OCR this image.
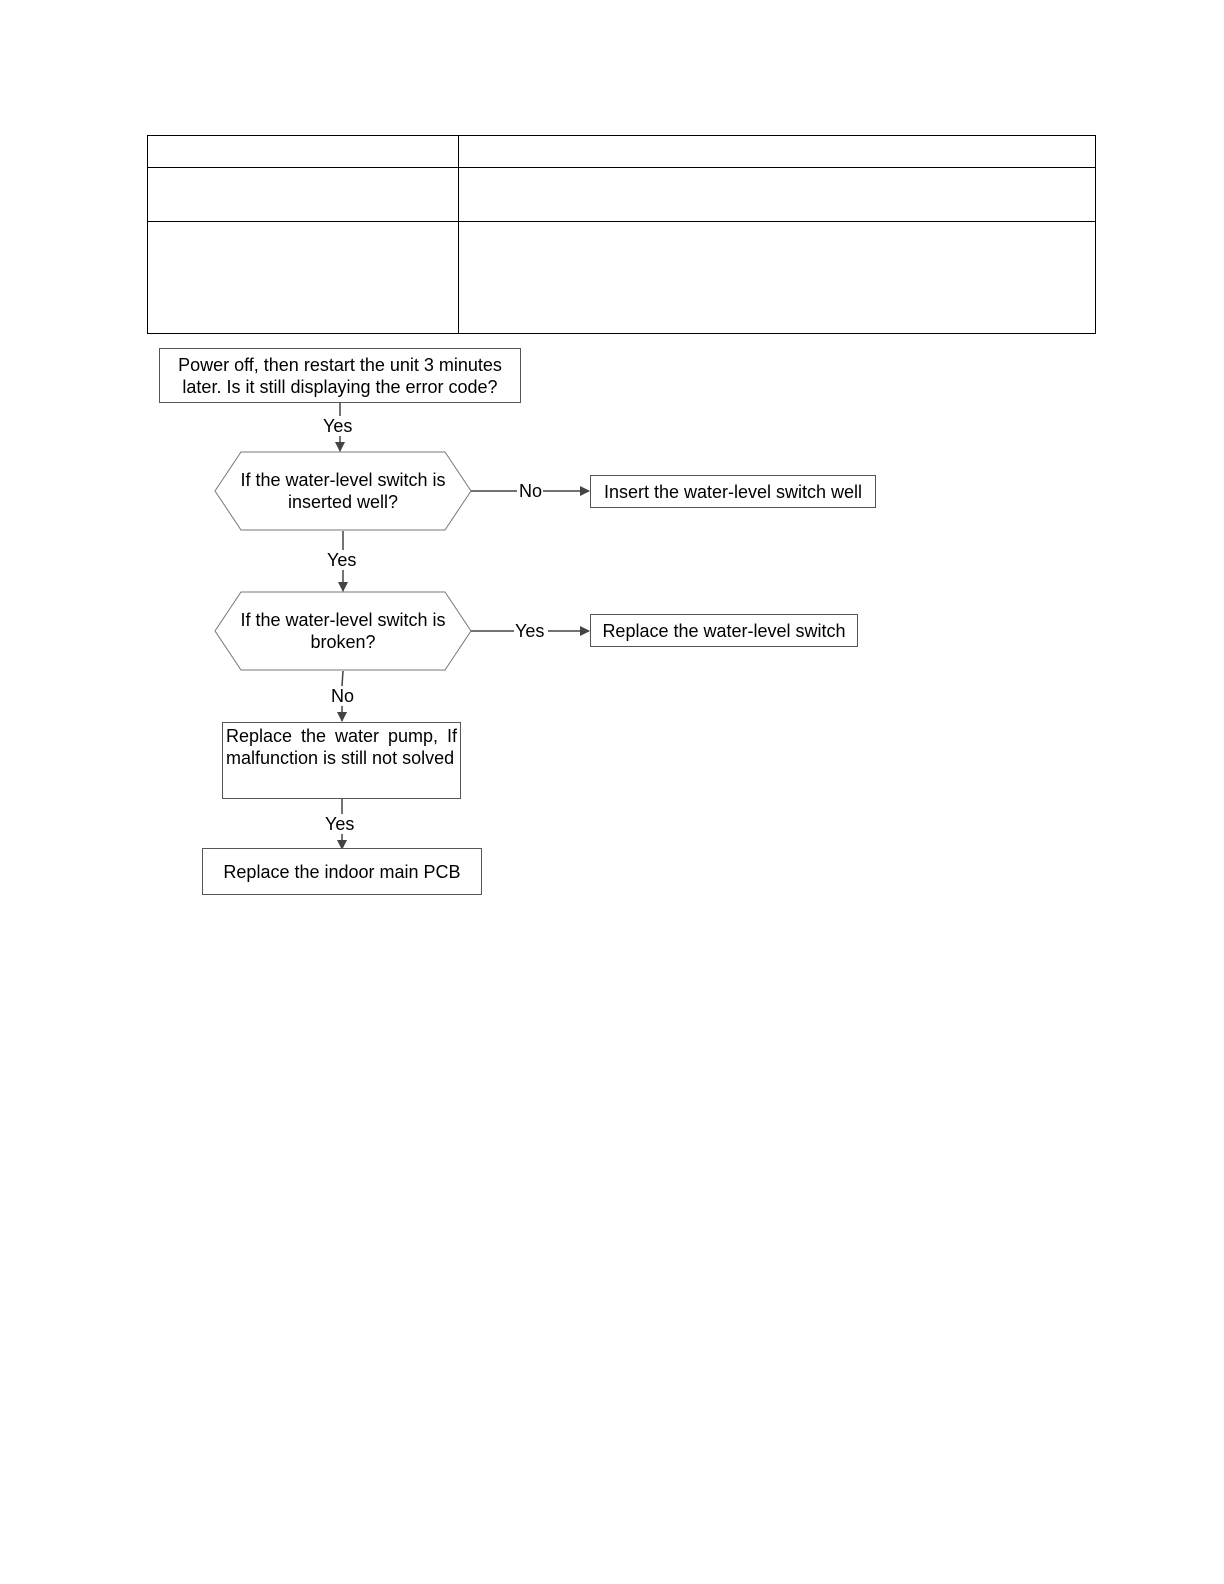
Power off, then restart the unit 3 minutes later. Is it still displaying the error code?
If the water-level switch is inserted well?
If the water-level switch is broken?
Insert the water-level switch well
Replace the water-level switch
Replace the water pump, If malfunction is still not solved
Replace the indoor main PCB
Yes
No
Yes
Yes
No
Yes
